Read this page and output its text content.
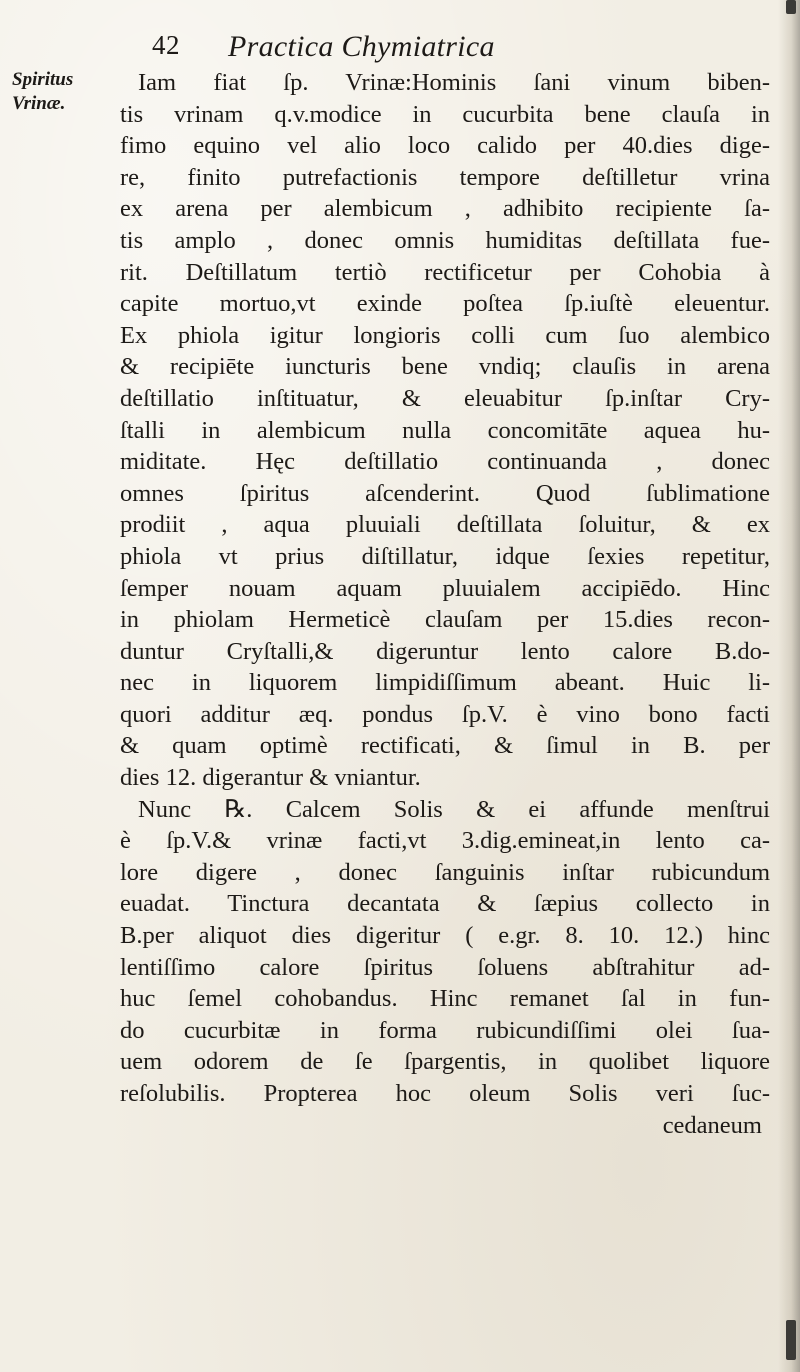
42 Practica Chymiatrica
Spiritus
Vrinæ.
Iam fiat ſp. Vrinæ:Hominis ſani vinum biben-
tis vrinam q.v.modice in cucurbita bene clauſa in
fimo equino vel alio loco calido per 40.dies dige-
re, finito putrefactionis tempore deſtilletur vrina
ex arena per alembicum , adhibito recipiente ſa-
tis amplo , donec omnis humiditas deſtillata fue-
rit. Deſtillatum tertiò rectificetur per Cohobia à
capite mortuo,vt exinde poſtea ſp.iuſtè eleuentur.
Ex phiola igitur longioris colli cum ſuo alembico
& recipiēte iuncturis bene vndiq; clauſis in arena
deſtillatio inſtituatur, & eleuabitur ſp.inſtar Cry-
ſtalli in alembicum nulla concomitāte aquea hu-
miditate. Hęc deſtillatio continuanda , donec
omnes ſpiritus aſcenderint. Quod ſublimatione
prodiit , aqua pluuiali deſtillata ſoluitur, & ex
phiola vt prius diſtillatur, idque ſexies repetitur,
ſemper nouam aquam pluuialem accipiēdo. Hinc
in phiolam Hermeticè clauſam per 15.dies recon-
duntur Cryſtalli,& digeruntur lento calore B.do-
nec in liquorem limpidiſſimum abeant. Huic li-
quori additur æq. pondus ſp.V. è vino bono facti
& quam optimè rectificati, & ſimul in B. per
dies 12. digerantur & vniantur.
Nunc ℞. Calcem Solis & ei affunde menſtrui
è ſp.V.& vrinæ facti,vt 3.dig.emineat,in lento ca-
lore digere , donec ſanguinis inſtar rubicundum
euadat. Tinctura decantata & ſæpius collecto in
B.per aliquot dies digeritur ( e.gr. 8. 10. 12.) hinc
lentiſſimo calore ſpiritus ſoluens abſtrahitur ad-
huc ſemel cohobandus. Hinc remanet ſal in fun-
do cucurbitæ in forma rubicundiſſimi olei ſua-
uem odorem de ſe ſpargentis, in quolibet liquore
reſolubilis. Propterea hoc oleum Solis veri ſuc-
cedaneum
